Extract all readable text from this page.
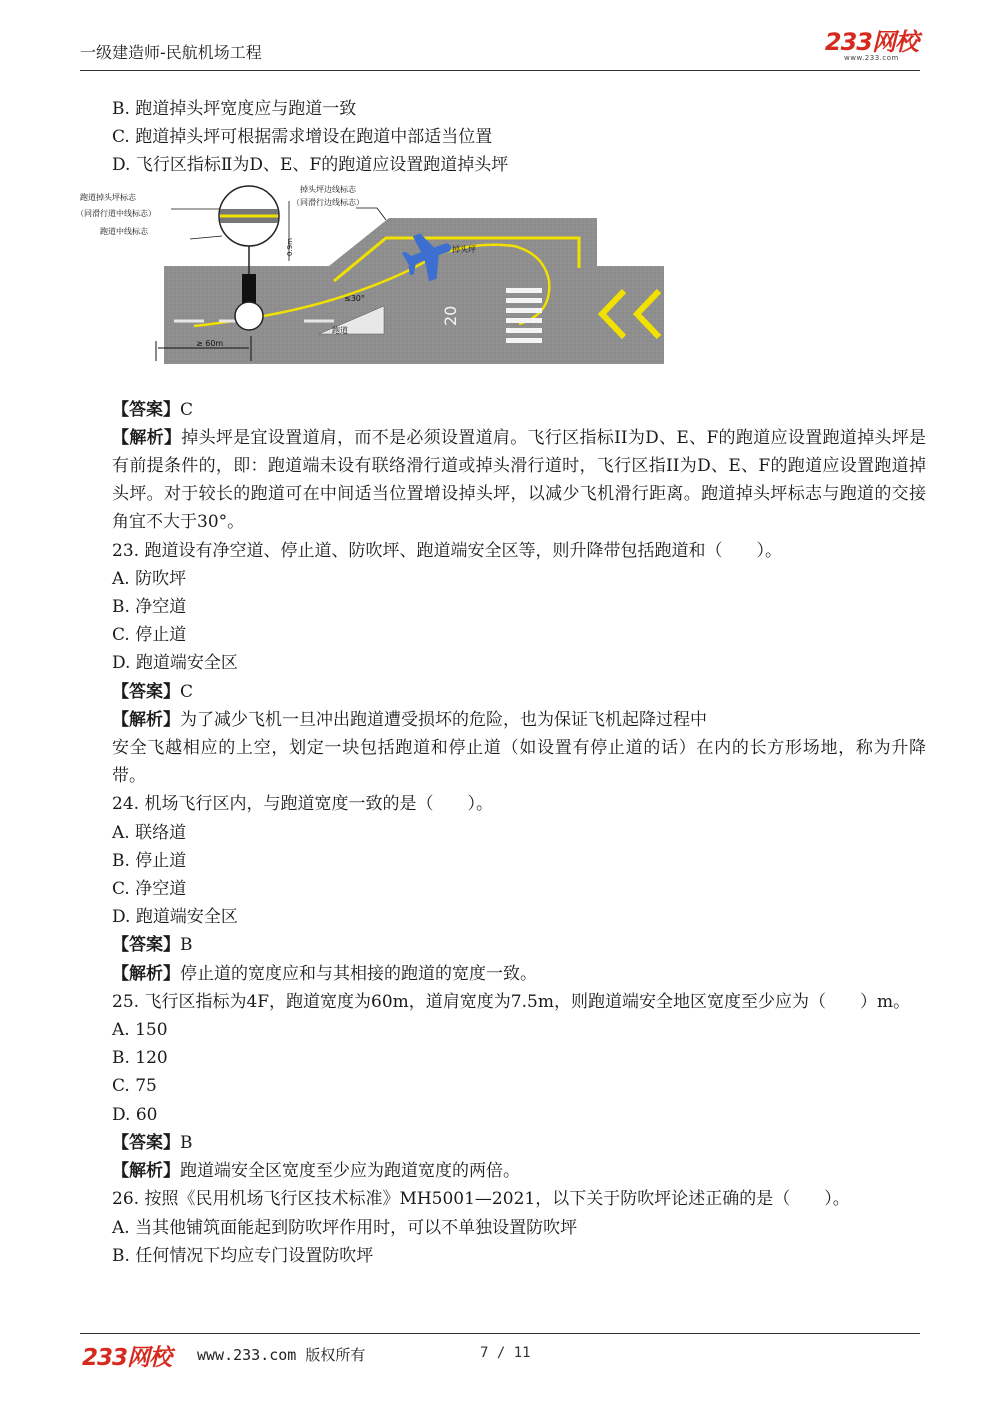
一级建造师-民航机场工程	233网校
www.233.com
B. 跑道掉头坪宽度应与跑道一致
C. 跑道掉头坪可根据需求增设在跑道中部适当位置
D. 飞行区指标Ⅱ为D、E、F的跑道应设置跑道掉头坪
跑道掉头坪标志
（同滑行道中线标志）
跑道中线标志
掉头坪边线标志
（同滑行边线标志）
掉头坪
跑道
≤30°
≥ 60m
0.9m
20
【答案】C
【解析】掉头坪是宜设置道肩，而不是必须设置道肩。飞行区指标II为D、E、F的跑道应设置跑道掉头坪是有前提条件的，即：跑道端未设有联络滑行道或掉头滑行道时，飞行区指II为D、E、F的跑道应设置跑道掉头坪。对于较长的跑道可在中间适当位置增设掉头坪，以减少飞机滑行距离。跑道掉头坪标志与跑道的交接角宜不大于30°。
23. 跑道设有净空道、停止道、防吹坪、跑道端安全区等，则升降带包括跑道和（　　）。
A. 防吹坪
B. 净空道
C. 停止道
D. 跑道端安全区
【答案】C
【解析】为了减少飞机一旦冲出跑道遭受损坏的危险，也为保证飞机起降过程中
安全飞越相应的上空，划定一块包括跑道和停止道（如设置有停止道的话）在内的长方形场地，称为升降带。
24. 机场飞行区内，与跑道宽度一致的是（　　）。
A. 联络道
B. 停止道
C. 净空道
D. 跑道端安全区
【答案】B
【解析】停止道的宽度应和与其相接的跑道的宽度一致。
25. 飞行区指标为4F，跑道宽度为60m，道肩宽度为7.5m，则跑道端安全地区宽度至少应为（　　）m。
A. 150
B. 120
C. 75
D. 60
【答案】B
【解析】跑道端安全区宽度至少应为跑道宽度的两倍。
26. 按照《民用机场飞行区技术标准》MH5001—2021，以下关于防吹坪论述正确的是（　　）。
A. 当其他铺筑面能起到防吹坪作用时，可以不单独设置防吹坪
B. 任何情况下均应专门设置防吹坪
233网校 www.233.com 版权所有	7 / 11
